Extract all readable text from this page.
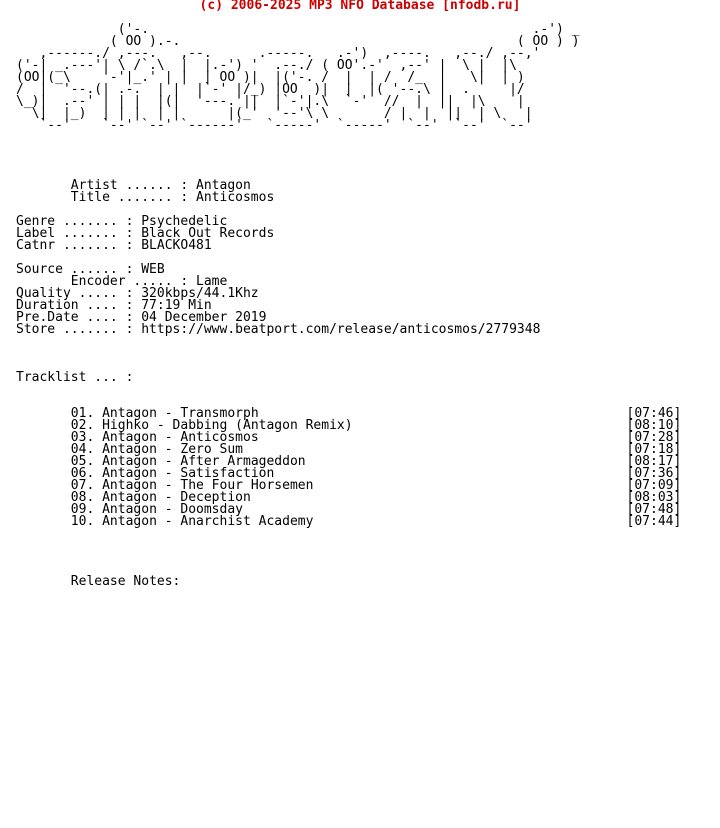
(c) 2006-2025 MP3 NFO Database [nfodb.ru]
('-.                                                 .-') _
( OO ).-.                                           ( OO ) )
,------./ ,---.   ,--.      .-----.   .-')  ,----.   ,--./ ,--,'
('-| _.---'| \ /`.\  |  |.-') '  .--./ ( OO'.-'  ,--' |  \ |  |\
(OO|(_\    '-'|_.' | |  | OO )|  |('-. /  |  | /  /_  |   \|  | )
/  |  '--.(| .-.  | |  |`-' |/_) |OO  )|  |  |( '--.\ |  .     |/
\_)|  .--' | | |  |(|  '---.'||  |`-'|.\  `-'  //  |  ||  |\    |
\|  |_)  | | |  | |      |(_'  '--'\ \       / |  |  ||  | \   |
`--'    `--' `--' `------'   `-----'  `-----'  `--'  `--'  `--'

Artist ...... : Antagon
Title ....... : Anticosmos

Genre ....... : Psychedelic
Label ....... : Black Out Records
Catnr ....... : BLACKO481

Source ...... : WEB
Encoder ..... : Lame
Quality ..... : 320kbps/44.1Khz
Duration .... : 77:19 Min
Pre.Date .... : 04 December 2019
Store ....... : https://www.beatport.com/release/anticosmos/2779348

Tracklist ... :

01. Antagon - Transmorph	[07:46]
02. Highko - Dabbing (Antagon Remix)	[08:10]
03. Antagon - Anticosmos	[07:28]
04. Antagon - Zero Sum	[07:18]
05. Antagon - After Armageddon	[08:17]
06. Antagon - Satisfaction	[07:36]
07. Antagon - The Four Horsemen	[07:09]
08. Antagon - Deception	[08:03]
09. Antagon - Doomsday	[07:48]
10. Antagon - Anarchist Academy	[07:44]

Release Notes:
